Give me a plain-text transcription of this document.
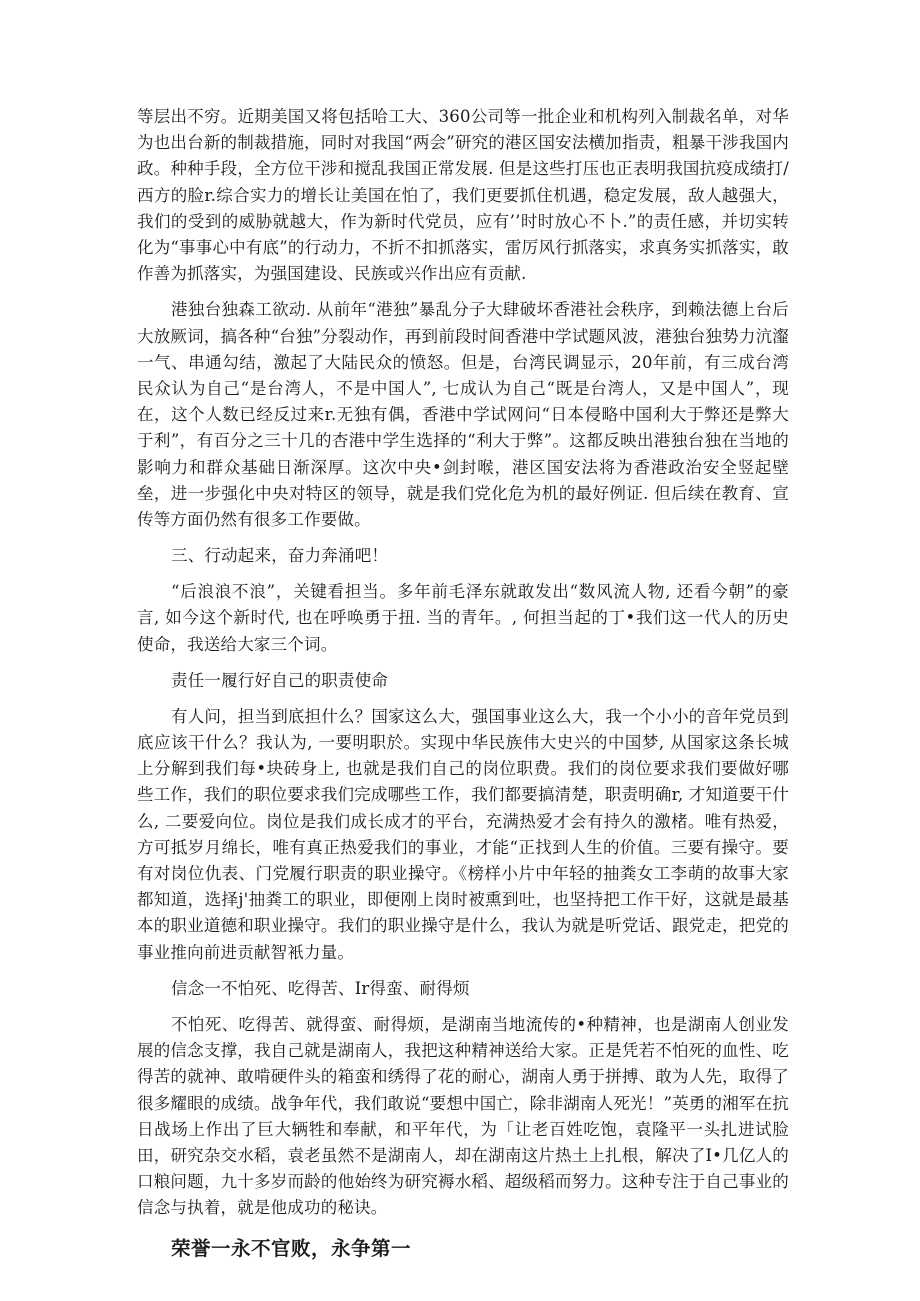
等层出不穷。近期美国又将包括哈工大、360公司等一批企业和机构列入制裁名单，对华为也出台新的制裁措施，同时对我国“两会”研究的港区国安法横加指责，粗暴干涉我国内政。种种手段，全方位干涉和搅乱我国正常发展. 但是这些打压也正表明我国抗疫成绩打/西方的脸r.综合实力的增长让美国在怕了，我们更要抓住机遇，稳定发展，敌人越强大，我们的受到的威胁就越大，作为新时代党员，应有’’时时放心不卜.”的责任感，并切实转化为“事事心中有底”的行动力，不折不扣抓落实，雷厉风行抓落实，求真务实抓落实，敢作善为抓落实，为强国建设、民族或兴作出应有贡献.

港独台独森工欲动. 从前年“港独”暴乱分子大肆破坏香港社会秩序，到赖法德上台后大放厥词，搞各种“台独”分裂动作，再到前段时间香港中学试题风波，港独台独势力沆瀣一气、串通勾结，激起了大陆民众的愤怒。但是，台湾民调显示，20年前，有三成台湾民众认为自己“是台湾人，不是中国人”, 七成认为自己“既是台湾人，又是中国人”，现在，这个人数已经反过来r.无独有偶，香港中学试网问“日本侵略中国利大于弊还是弊大于利”，有百分之三十几的杏港中学生选择的“利大于弊”。这都反映出港独台独在当地的影响力和群众基础日渐深厚。这次中央•剑封喉，港区国安法将为香港政治安全竖起壁垒，进一步强化中央对特区的领导，就是我们党化危为机的最好例证. 但后续在教育、宣传等方面仍然有很多工作要做。

三、行动起来，奋力奔涌吧！

“后浪浪不浪”，关键看担当。多年前毛泽东就敢发出“数风流人物, 还看今朝”的豪言, 如今这个新时代, 也在呼唤勇于扭. 当的青年。, 何担当起的丁•我们这一代人的历史使命，我送给大家三个词。

责任一履行好自己的职责使命

有人问，担当到底担什么？国家这么大，强国事业这么大，我一个小小的音年党员到底应该干什么？我认为, 一要明职於。实现中华民族伟大史兴的中国梦, 从国家这条长城上分解到我们每•块砖身上, 也就是我们自己的岗位职费。我们的岗位要求我们要做好哪些工作，我们的职位要求我们完成哪些工作，我们都要搞清楚，职责明确r, 才知道要干什么, 二要爱向位。岗位是我们成长成才的平台，充满热爱才会有持久的激楮。唯有热爱，方可抵岁月绵长，唯有真正热爱我们的事业，才能“正找到人生的价值。三要有操守。要有对岗位仇表、门党履行职责的职业操守。《榜样小片中年轻的抽粪女工李萌的故事大家都知道，选择j'抽粪工的职业，即便刚上岗时被熏到吐，也坚持把工作干好，这就是最基本的职业道德和职业操守。我们的职业操守是什么，我认为就是听党话、跟党走，把党的事业推向前进贡献智衹力量。

信念一不怕死、吃得苦、Ir得蛮、耐得烦

不怕死、吃得苦、就得蛮、耐得烦，是湖南当地流传的•种精神，也是湖南人创业发展的信念支撑，我自己就是湖南人，我把这种精神送给大家。正是凭若不怕死的血性、吃得苦的就神、敢啃硬件头的箱蛮和绣得了花的耐心，湖南人勇于拼搏、敢为人先，取得了很多耀眼的成绩。战争年代，我们敢说“要想中国亡，除非湖南人死光！”英勇的湘军在抗日战场上作出了巨大辆牲和奉献，和平年代，为「让老百姓吃饱，袁隆平一头扎进试脸田，研究杂交水稻，袁老虽然不是湖南人，却在湖南这片热土上扎根，解决了I•几亿人的口粮问题，九十多岁而龄的他始终为研究褥水稻、超级稻而努力。这种专注于自己事业的信念与执着，就是他成功的秘诀。

荣誉一永不官败，永争第一
